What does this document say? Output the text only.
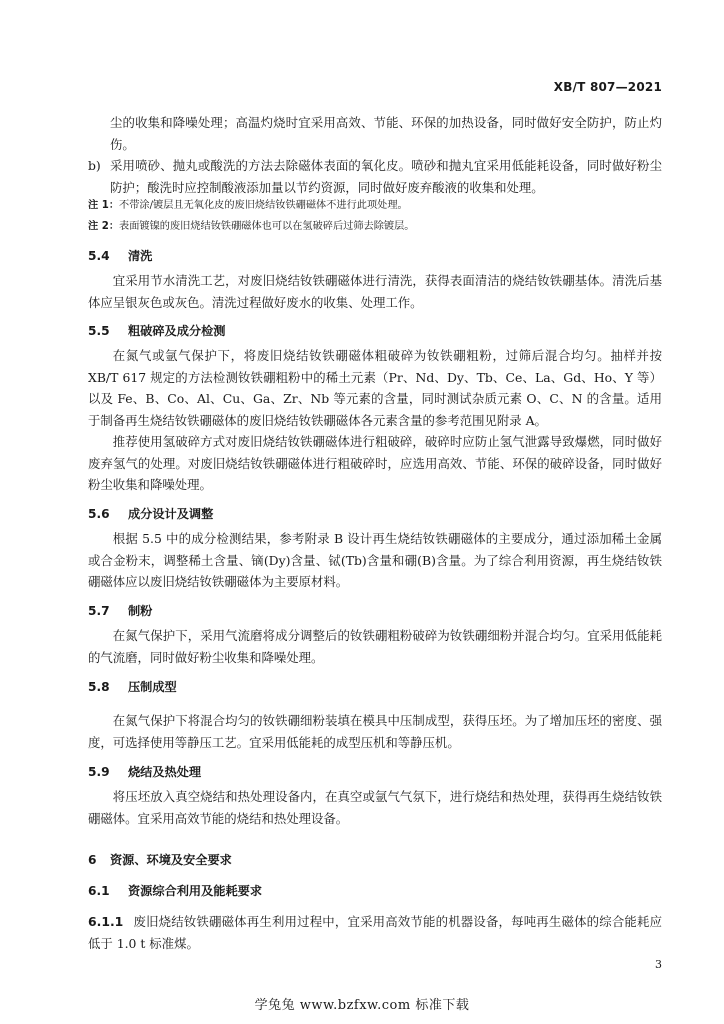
XB/T 807—2021
尘的收集和降噪处理；高温灼烧时宜采用高效、节能、环保的加热设备，同时做好安全防护，防止灼伤。
b) 采用喷砂、抛丸或酸洗的方法去除磁体表面的氧化皮。喷砂和抛丸宜采用低能耗设备，同时做好粉尘防护；酸洗时应控制酸液添加量以节约资源，同时做好废弃酸液的收集和处理。
注 1：不带涂/镀层且无氧化皮的废旧烧结钕铁硼磁体不进行此项处理。
注 2：表面镀镍的废旧烧结钕铁硼磁体也可以在氢破碎后过筛去除镀层。
5.4 清洗
宜采用节水清洗工艺，对废旧烧结钕铁硼磁体进行清洗，获得表面清洁的烧结钕铁硼基体。清洗后基体应呈银灰色或灰色。清洗过程做好废水的收集、处理工作。
5.5 粗破碎及成分检测
在氮气或氩气保护下，将废旧烧结钕铁硼磁体粗破碎为钕铁硼粗粉，过筛后混合均匀。抽样并按XB/T 617 规定的方法检测钕铁硼粗粉中的稀土元素（Pr、Nd、Dy、Tb、Ce、La、Gd、Ho、Y 等）以及 Fe、B、Co、Al、Cu、Ga、Zr、Nb 等元素的含量，同时测试杂质元素 O、C、N 的含量。适用于制备再生烧结钕铁硼磁体的废旧烧结钕铁硼磁体各元素含量的参考范围见附录 A。
推荐使用氢破碎方式对废旧烧结钕铁硼磁体进行粗破碎，破碎时应防止氢气泄露导致爆燃，同时做好废弃氢气的处理。对废旧烧结钕铁硼磁体进行粗破碎时，应选用高效、节能、环保的破碎设备，同时做好粉尘收集和降噪处理。
5.6 成分设计及调整
根据 5.5 中的成分检测结果，参考附录 B 设计再生烧结钕铁硼磁体的主要成分，通过添加稀土金属或合金粉末，调整稀土含量、镝(Dy)含量、铽(Tb)含量和硼(B)含量。为了综合利用资源，再生烧结钕铁硼磁体应以废旧烧结钕铁硼磁体为主要原材料。
5.7 制粉
在氮气保护下，采用气流磨将成分调整后的钕铁硼粗粉破碎为钕铁硼细粉并混合均匀。宜采用低能耗的气流磨，同时做好粉尘收集和降噪处理。
5.8 压制成型
在氮气保护下将混合均匀的钕铁硼细粉装填在模具中压制成型，获得压坯。为了增加压坯的密度、强度，可选择使用等静压工艺。宜采用低能耗的成型压机和等静压机。
5.9 烧结及热处理
将压坯放入真空烧结和热处理设备内，在真空或氩气气氛下，进行烧结和热处理，获得再生烧结钕铁硼磁体。宜采用高效节能的烧结和热处理设备。
6 资源、环境及安全要求
6.1 资源综合利用及能耗要求
6.1.1 废旧烧结钕铁硼磁体再生利用过程中，宜采用高效节能的机器设备，每吨再生磁体的综合能耗应低于 1.0 t 标准煤。
3
学兔兔 www.bzfxw.com 标准下载
